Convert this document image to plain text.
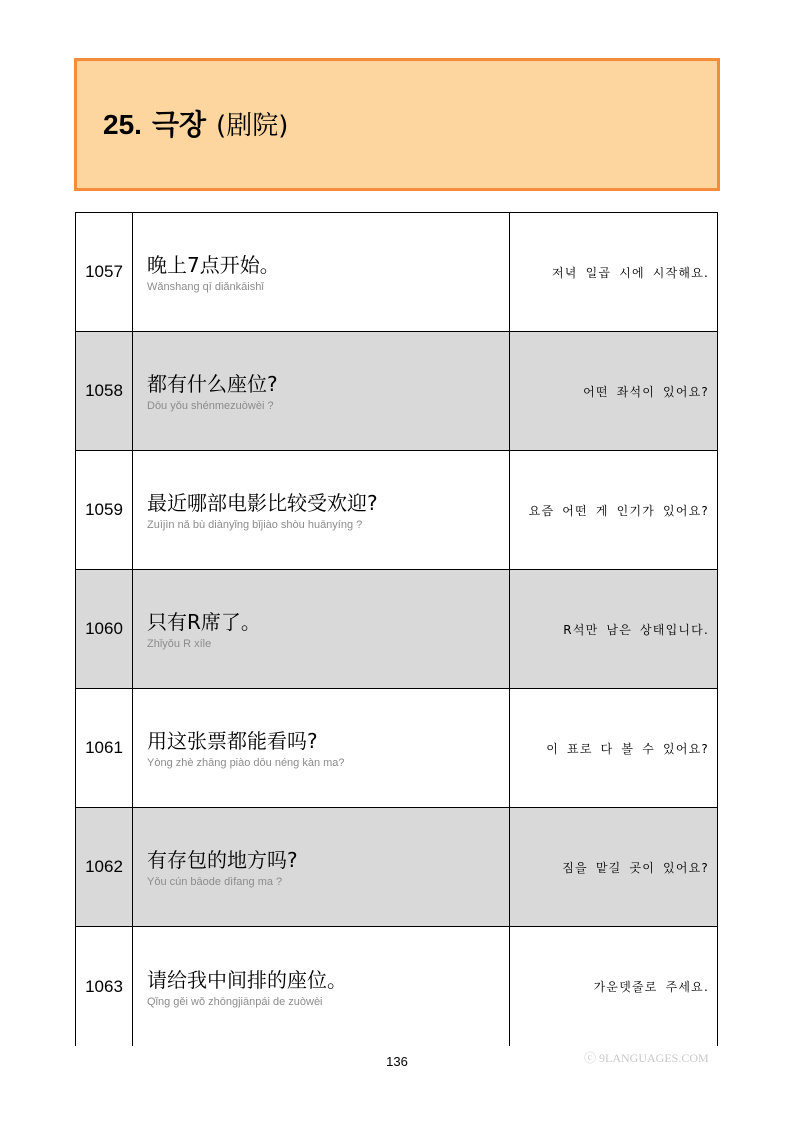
25. 극장 (剧院)
1057	晚上7点开始。
Wǎnshang qī diǎnkāishǐ
저녁 일곱 시에 시작해요.
1058	都有什么座位?
Dōu yǒu shénmezuòwèi ?
어떤 좌석이 있어요?
1059	最近哪部电影比较受欢迎?
Zuìjìn nǎ bù diànyǐng bǐjiào shòu huānyíng ?
요즘 어떤 게 인기가 있어요?
1060	只有R席了。
Zhǐyǒu R xíle
R석만 남은 상태입니다.
1061	用这张票都能看吗?
Yòng zhè zhāng piào dōu néng kàn ma?
이 표로 다 볼 수 있어요?
1062	有存包的地方吗?
Yǒu cún bāode dìfang ma ?
짐을 맡길 곳이 있어요?
1063	请给我中间排的座位。
Qǐng gěi wǒ zhōngjiānpái de zuòwèi
가운뎃줄로 주세요.
136	ⓒ 9LANGUAGES.COM
